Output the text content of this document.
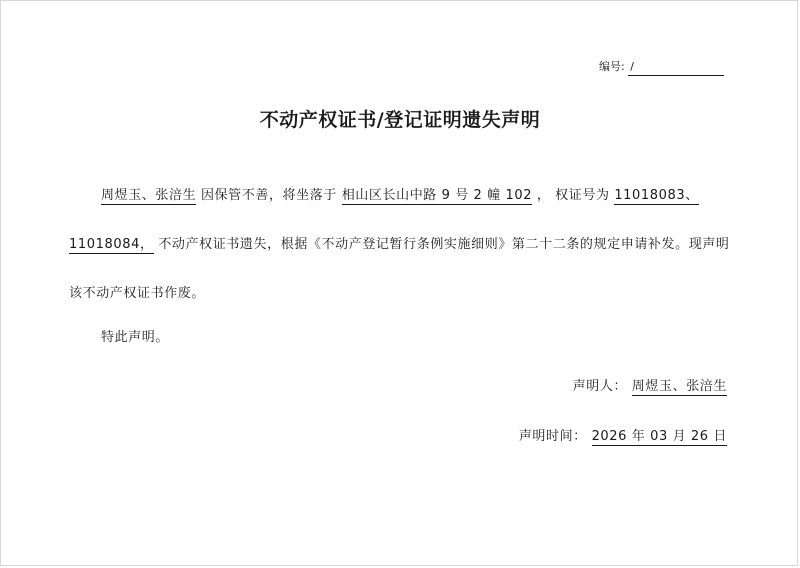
编号: /
不动产权证书/登记证明遗失声明
周煜玉、张涪生 因保管不善，将坐落于 相山区长山中路 9 号 2 幢 102 ， 权证号为 11018083、11018084， 不动产权证书遗失，根据《不动产登记暂行条例实施细则》第二十二条的规定申请补发。现声明该不动产权证书作废。
特此声明。
声明人： 周煜玉、张涪生
声明时间： 2026 年 03 月 26 日
